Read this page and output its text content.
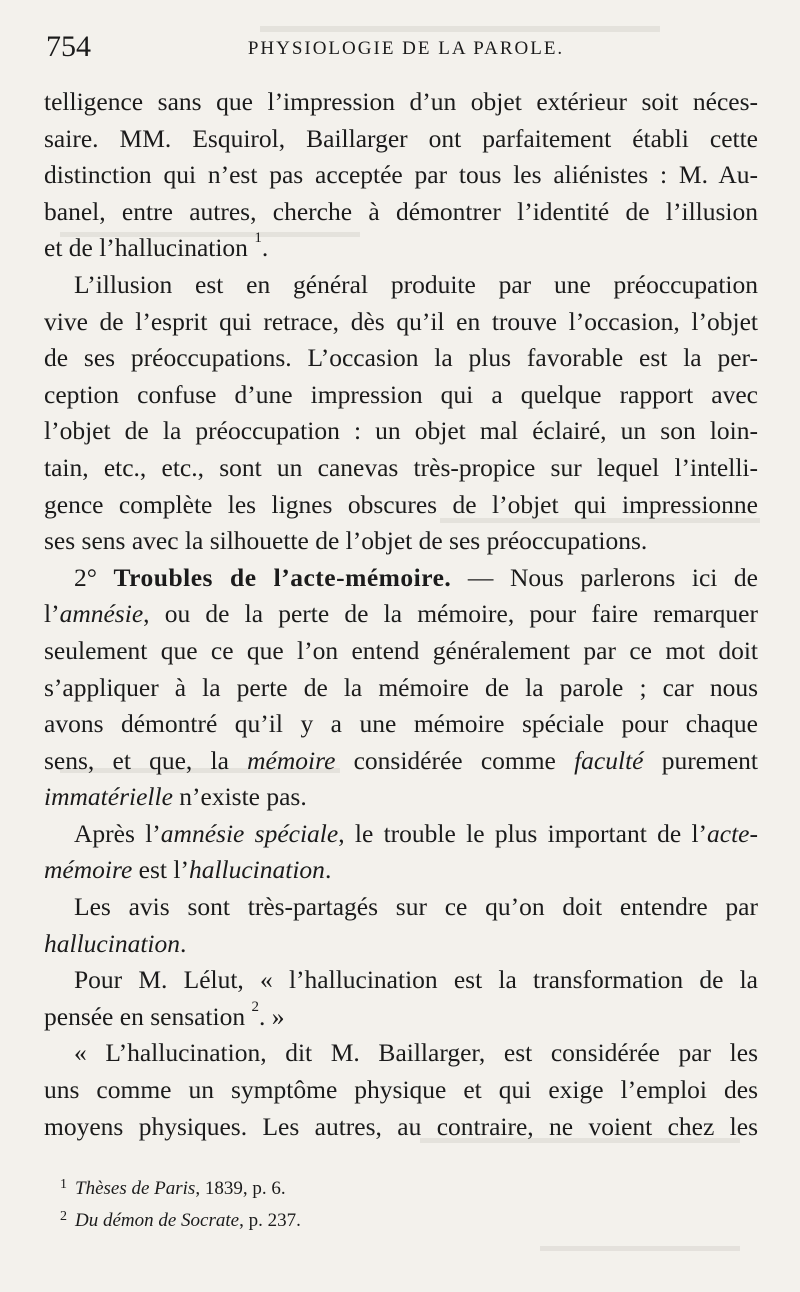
754	PHYSIOLOGIE DE LA PAROLE.
telligence sans que l’impression d’un objet extérieur soit néces-
saire. MM. Esquirol, Baillarger ont parfaitement établi cette
distinction qui n’est pas acceptée par tous les aliénistes : M. Au-
banel, entre autres, cherche à démontrer l’identité de l’illusion
et de l’hallucination $^1$.
L’illusion est en général produite par une préoccupation
vive de l’esprit qui retrace, dès qu’il en trouve l’occasion, l’objet
de ses préoccupations. L’occasion la plus favorable est la per-
ception confuse d’une impression qui a quelque rapport avec
l’objet de la préoccupation : un objet mal éclairé, un son loin-
tain, etc., etc., sont un canevas très-propice sur lequel l’intelli-
gence complète les lignes obscures de l’objet qui impressionne
ses sens avec la silhouette de l’objet de ses préoccupations.
2° Troubles de l’acte-mémoire. — Nous parlerons ici de
l’amnésie, ou de la perte de la mémoire, pour faire remarquer
seulement que ce que l’on entend généralement par ce mot doit
s’appliquer à la perte de la mémoire de la parole ; car nous
avons démontré qu’il y a une mémoire spéciale pour chaque
sens, et que, la mémoire considérée comme faculté purement
immatérielle n’existe pas.
Après l’amnésie spéciale, le trouble le plus important de l’acte-
mémoire est l’hallucination.
Les avis sont très-partagés sur ce qu’on doit entendre par
hallucination.
Pour M. Lélut, « l’hallucination est la transformation de la
pensée en sensation $^2$. »
« L’hallucination, dit M. Baillarger, est considérée par les
uns comme un symptôme physique et qui exige l’emploi des
moyens physiques. Les autres, au contraire, ne voient chez les
$^1$ Thèses de Paris, 1839, p. 6.
$^2$ Du démon de Socrate, p. 237.
